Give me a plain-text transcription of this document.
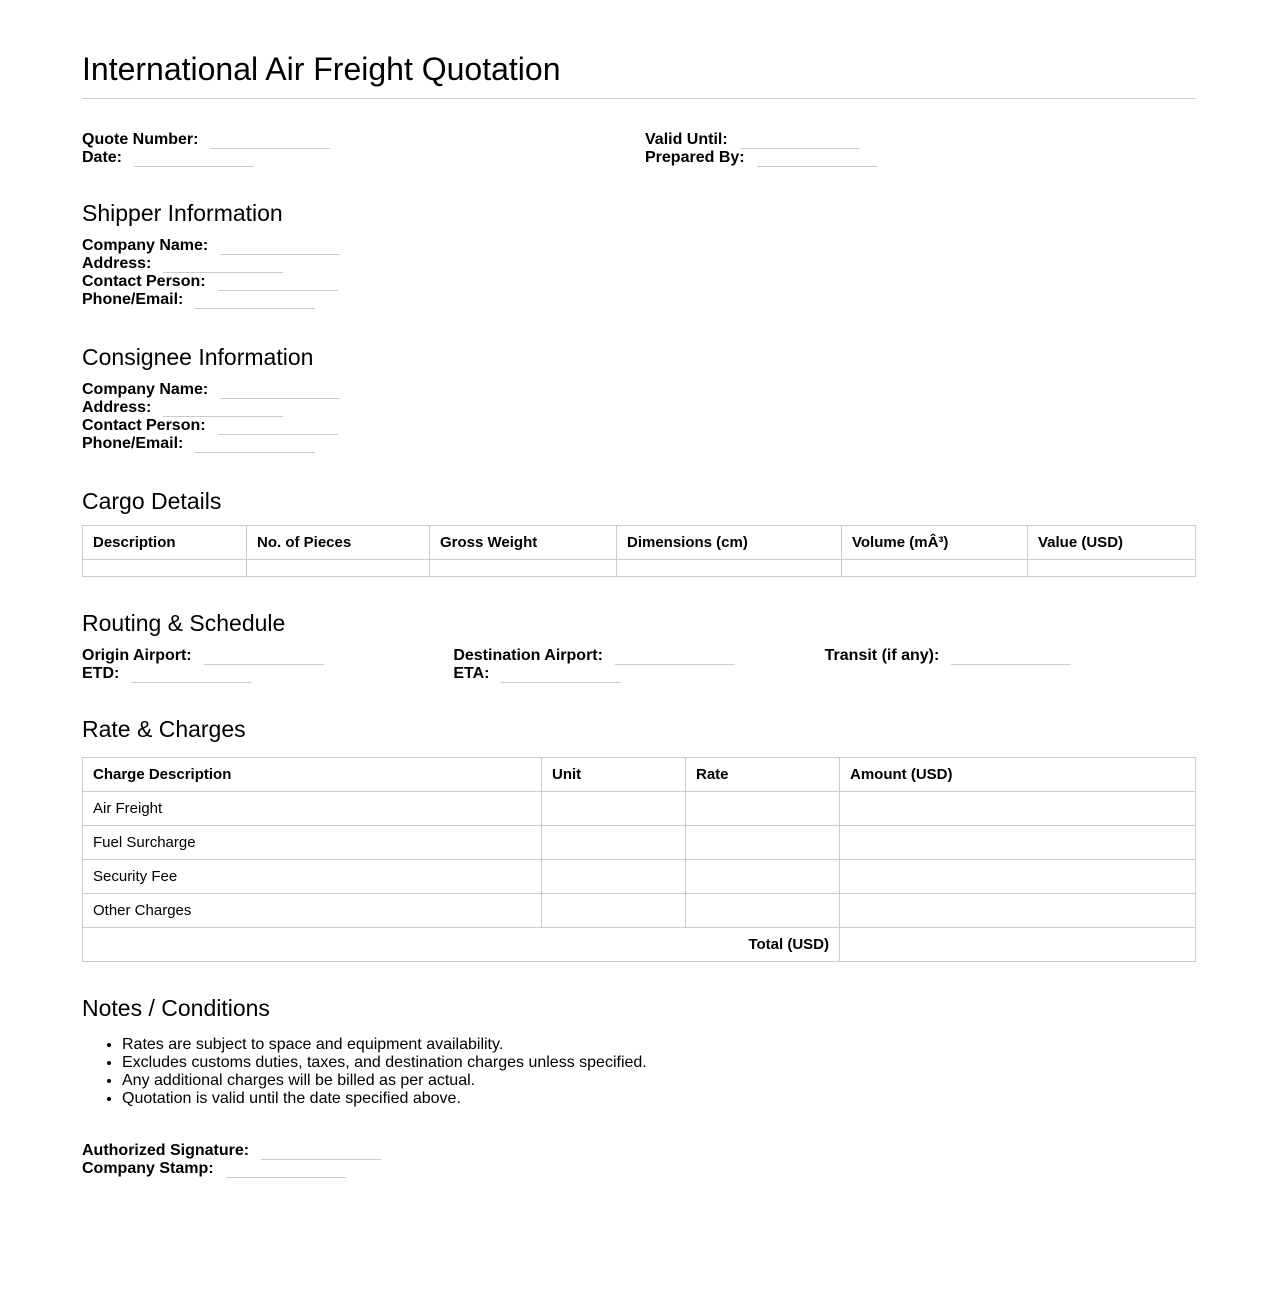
International Air Freight Quotation
Quote Number:
Date:
Valid Until:
Prepared By:
Shipper Information
Company Name:
Address:
Contact Person:
Phone/Email:
Consignee Information
Company Name:
Address:
Contact Person:
Phone/Email:
Cargo Details
Description	No. of Pieces	Gross Weight	Dimensions (cm)	Volume (mÂ³)	Value (USD)

Routing & Schedule
Origin Airport:
ETD:
Destination Airport:
ETA:
Transit (if any):
Rate & Charges
Charge Description	Unit	Rate	Amount (USD)
Air Freight			
Fuel Surcharge			
Security Fee			
Other Charges			
Total (USD)			
Notes / Conditions
• Rates are subject to space and equipment availability.
• Excludes customs duties, taxes, and destination charges unless specified.
• Any additional charges will be billed as per actual.
• Quotation is valid until the date specified above.
Authorized Signature:
Company Stamp:
